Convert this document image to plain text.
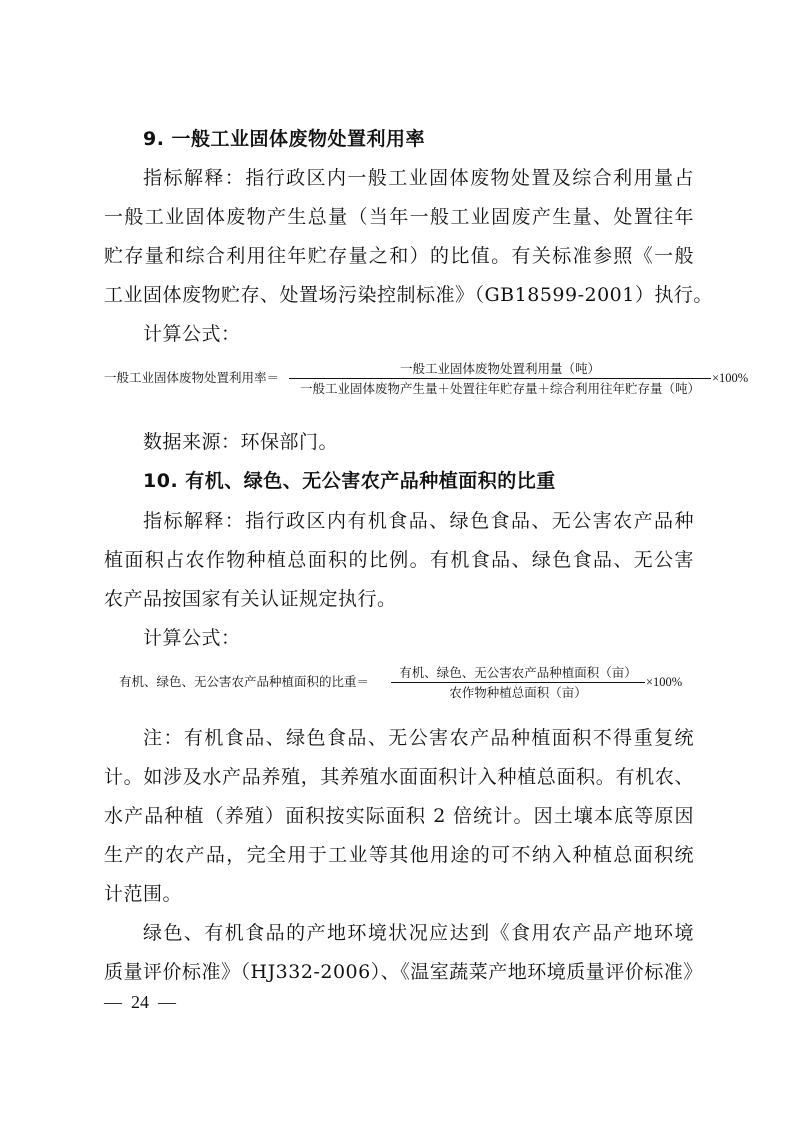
9. 一般工业固体废物处置利用率
指标解释：指行政区内一般工业固体废物处置及综合利用量占
一般工业固体废物产生总量（当年一般工业固废产生量、处置往年
贮存量和综合利用往年贮存量之和）的比值。有关标准参照《一般
工业固体废物贮存、处置场污染控制标准》（GB18599-2001）执行。
计算公式：
一般工业固体废物处置利用率＝
一般工业固体废物处置利用量（吨）
一般工业固体废物产生量＋处置往年贮存量＋综合利用往年贮存量（吨）
×100%
数据来源：环保部门。
10. 有机、绿色、无公害农产品种植面积的比重
指标解释：指行政区内有机食品、绿色食品、无公害农产品种
植面积占农作物种植总面积的比例。有机食品、绿色食品、无公害
农产品按国家有关认证规定执行。
计算公式：
有机、绿色、无公害农产品种植面积的比重＝
有机、绿色、无公害农产品种植面积（亩）
农作物种植总面积（亩）
×100%
注：有机食品、绿色食品、无公害农产品种植面积不得重复统
计。如涉及水产品养殖，其养殖水面面积计入种植总面积。有机农、
水产品种植（养殖）面积按实际面积 2 倍统计。因土壤本底等原因
生产的农产品，完全用于工业等其他用途的可不纳入种植总面积统
计范围。
绿色、有机食品的产地环境状况应达到《食用农产品产地环境
质量评价标准》（HJ332-2006）、《温室蔬菜产地环境质量评价标准》
—  24  —
